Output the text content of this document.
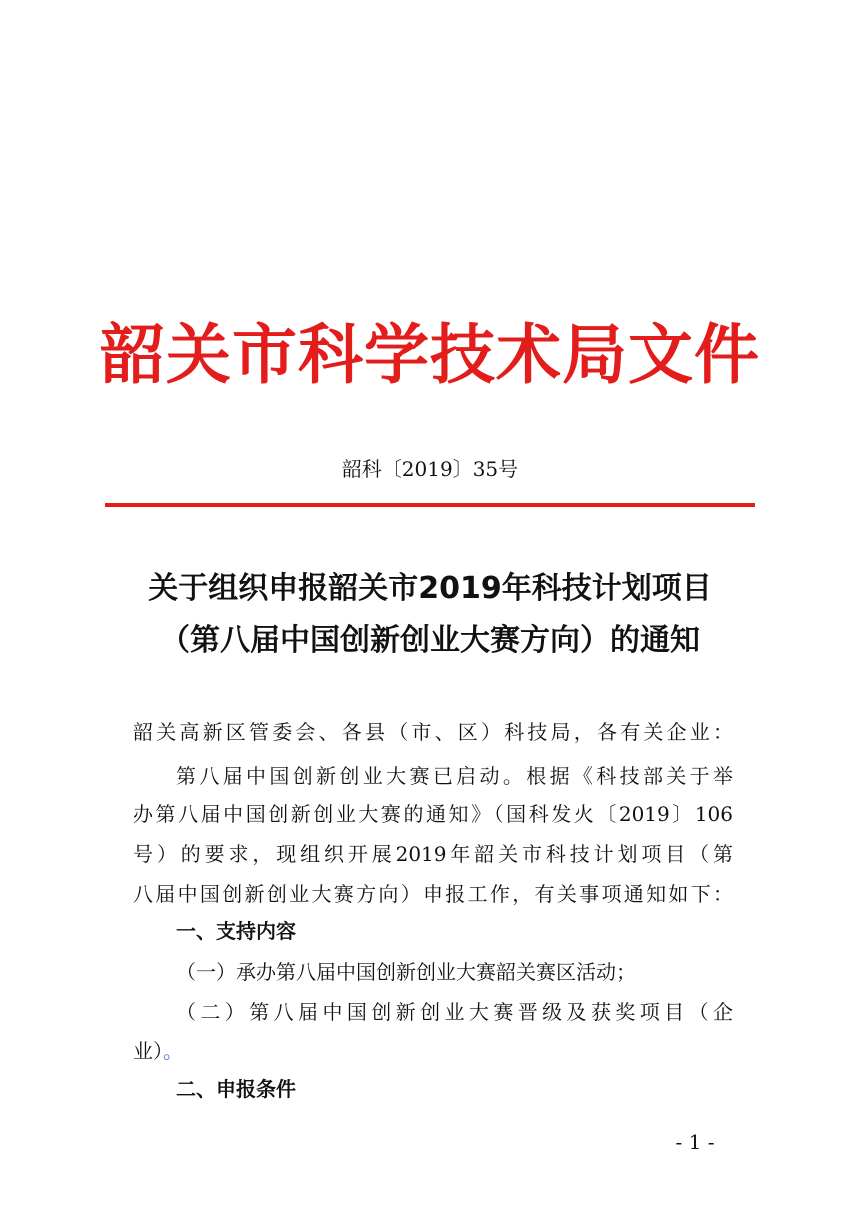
韶关市科学技术局文件
韶科〔2019〕35号
关于组织申报韶关市2019年科技计划项目
（第八届中国创新创业大赛方向）的通知
韶关高新区管委会、各县（市、区）科技局，各有关企业：
第八届中国创新创业大赛已启动。根据《科技部关于举
办第八届中国创新创业大赛的通知》（国科发火〔2019〕106
号）的要求，现组织开展2019年韶关市科技计划项目（第
八届中国创新创业大赛方向）申报工作，有关事项通知如下：
一、支持内容
（一）承办第八届中国创新创业大赛韶关赛区活动；
（二）第八届中国创新创业大赛晋级及获奖项目（企
业）。
二、申报条件
- 1 -
